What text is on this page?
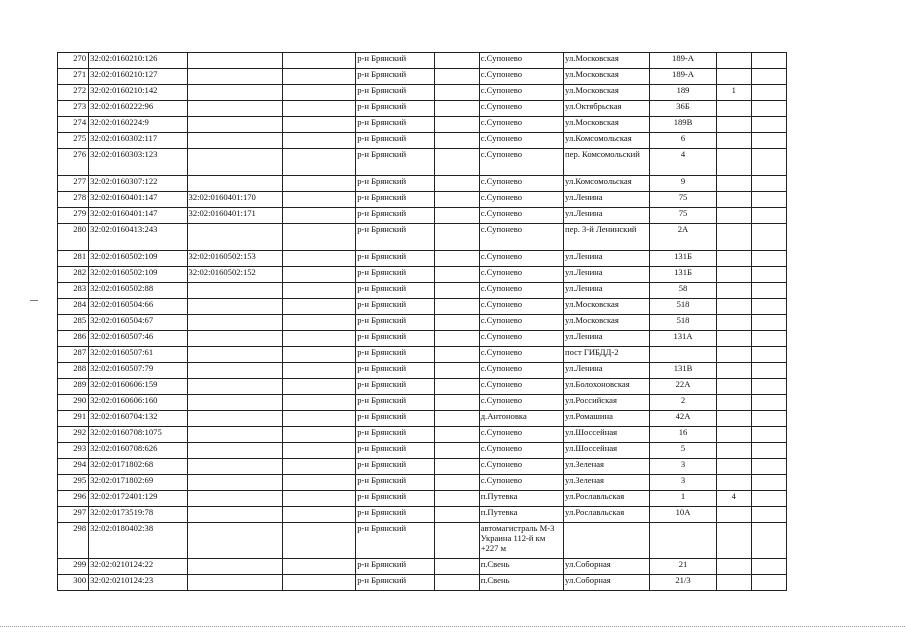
270	32:02:0160210:126			р-н Брянский		с.Супонево	ул.Московская	189-А		
271	32:02:0160210:127			р-н Брянский		с.Супонево	ул.Московская	189-А		
272	32:02:0160210:142			р-н Брянский		с.Супонево	ул.Московская	189	1	
273	32:02:0160222:96			р-н Брянский		с.Супонево	ул.Октябрьская	36Б		
274	32:02:0160224:9			р-н Брянский		с.Супонево	ул.Московская	189В		
275	32:02:0160302:117			р-н Брянский		с.Супонево	ул.Комсомольская	6		
276	32:02:0160303:123			р-н Брянский		с.Супонево	пер. Комсомольский	4		
277	32:02:0160307:122			р-н Брянский		с.Супонево	ул.Комсомольская	9		
278	32:02:0160401:147	32:02:0160401:170		р-н Брянский		с.Супонево	ул.Ленина	75		
279	32:02:0160401:147	32:02:0160401:171		р-н Брянский		с.Супонево	ул.Ленина	75		
280	32:02:0160413:243			р-н Брянский		с.Супонево	пер. 3-й Ленинский	2А		
281	32:02:0160502:109	32:02:0160502:153		р-н Брянский		с.Супонево	ул.Ленина	131Б		
282	32:02:0160502:109	32:02:0160502:152		р-н Брянский		с.Супонево	ул.Ленина	131Б		
283	32:02:0160502:88			р-н Брянский		с.Супонево	ул.Ленина	58		
284	32:02:0160504:66			р-н Брянский		с.Супонево	ул.Московская	518		
285	32:02:0160504:67			р-н Брянский		с.Супонево	ул.Московская	518		
286	32:02:0160507:46			р-н Брянский		с.Супонево	ул.Ленина	131А		
287	32:02:0160507:61			р-н Брянский		с.Супонево	пост ГИБДД-2			
288	32:02:0160507:79			р-н Брянский		с.Супонево	ул.Ленина	131В		
289	32:02:0160606:159			р-н Брянский		с.Супонево	ул.Болохоновская	22А		
290	32:02:0160606:160			р-н Брянский		с.Супонево	ул.Российская	2		
291	32:02:0160704:132			р-н Брянский		д.Антоновка	ул.Ромашина	42А		
292	32:02:0160708:1075			р-н Брянский		с.Супонево	ул.Шоссейная	16		
293	32:02:0160708:626			р-н Брянский		с.Супонево	ул.Шоссейная	5		
294	32:02:0171802:68			р-н Брянский		с.Супонево	ул.Зеленая	3		
295	32:02:0171802:69			р-н Брянский		с.Супонево	ул.Зеленая	3		
296	32:02:0172401:129			р-н Брянский		п.Путевка	ул.Рославльская	1	4	
297	32:02:0173519:78			р-н Брянский		п.Путевка	ул.Рославльская	10А		
298	32:02:0180402:38			р-н Брянский		автомагистраль М-3 Украина 112-й км +227 м				
299	32:02:0210124:22			р-н Брянский		п.Свень	ул.Соборная	21		
300	32:02:0210124:23			р-н Брянский		п.Свень	ул.Соборная	21/3		
